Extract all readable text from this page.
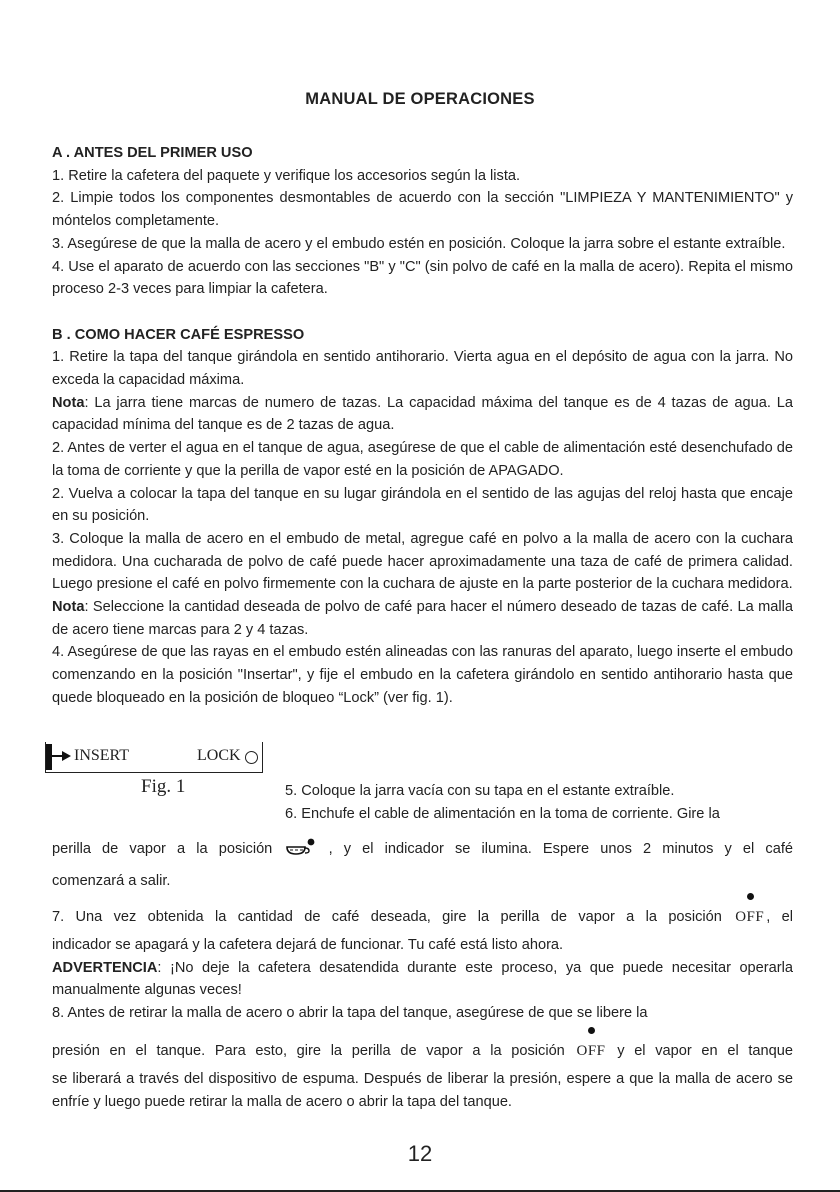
MANUAL DE OPERACIONES
A . ANTES DEL PRIMER USO

1. Retire la cafetera del paquete y verifique los accesorios según la lista.

2. Limpie todos los componentes desmontables de acuerdo con la sección "LIMPIEZA Y MANTENIMIENTO" y móntelos completamente.

3. Asegúrese de que la malla de acero y el embudo estén en posición. Coloque la jarra sobre el estante extraíble.

4. Use el aparato de acuerdo con las secciones "B" y "C" (sin polvo de café en la malla de acero). Repita el mismo proceso 2-3 veces para limpiar la cafetera.

B . COMO HACER CAFÉ ESPRESSO

1. Retire la tapa del tanque girándola en sentido antihorario. Vierta agua en el depósito de agua con la jarra. No exceda la capacidad máxima.

Nota: La jarra tiene marcas de numero de tazas. La capacidad máxima del tanque es de 4 tazas de agua. La capacidad mínima del tanque es de 2 tazas de agua.

2. Antes de verter el agua en el tanque de agua, asegúrese de que el cable de alimentación esté desenchufado de la toma de corriente y que la perilla de vapor esté en la posición de APAGADO.

2. Vuelva a colocar la tapa del tanque en su lugar girándola en el sentido de las agujas del reloj hasta que encaje en su posición.

3. Coloque la malla de acero en el embudo de metal, agregue café en polvo a la malla de acero con la cuchara medidora. Una cucharada de polvo de café puede hacer aproximadamente una taza de café de primera calidad. Luego presione el café en polvo firmemente con la cuchara de ajuste en la parte posterior de la cuchara medidora.

Nota: Seleccione la cantidad deseada de polvo de café para hacer el número deseado de tazas de café. La malla de acero tiene marcas para 2 y 4 tazas.

4. Asegúrese de que las rayas en el embudo estén alineadas con las ranuras del aparato, luego inserte el embudo comenzando en la posición "Insertar", y fije el embudo en la cafetera girándolo en sentido antihorario hasta que quede bloqueado en la posición de bloqueo “Lock” (ver fig. 1).

INSERT	LOCK
Fig. 1	5. Coloque la jarra vacía con su tapa en el estante extraíble.

6. Enchufe el cable de alimentación en la toma de corriente. Gire la

perilla de vapor a la posición	, y el indicador se ilumina. Espere unos 2 minutos y el café

comenzará a salir.

7. Una vez obtenida la cantidad de café deseada, gire la perilla de vapor a la posición OFF , el

indicador se apagará y la cafetera dejará de funcionar. Tu café está listo ahora.

ADVERTENCIA: ¡No deje la cafetera desatendida durante este proceso, ya que puede necesitar operarla manualmente algunas veces!

8. Antes de retirar la malla de acero o abrir la tapa del tanque, asegúrese de que se libere la

presión en el tanque. Para esto, gire la perilla de vapor a la posición OFF y el vapor en el tanque

se liberará a través del dispositivo de espuma. Después de liberar la presión, espere a que la malla de acero se enfríe y luego puede retirar la malla de acero o abrir la tapa del tanque.

12
